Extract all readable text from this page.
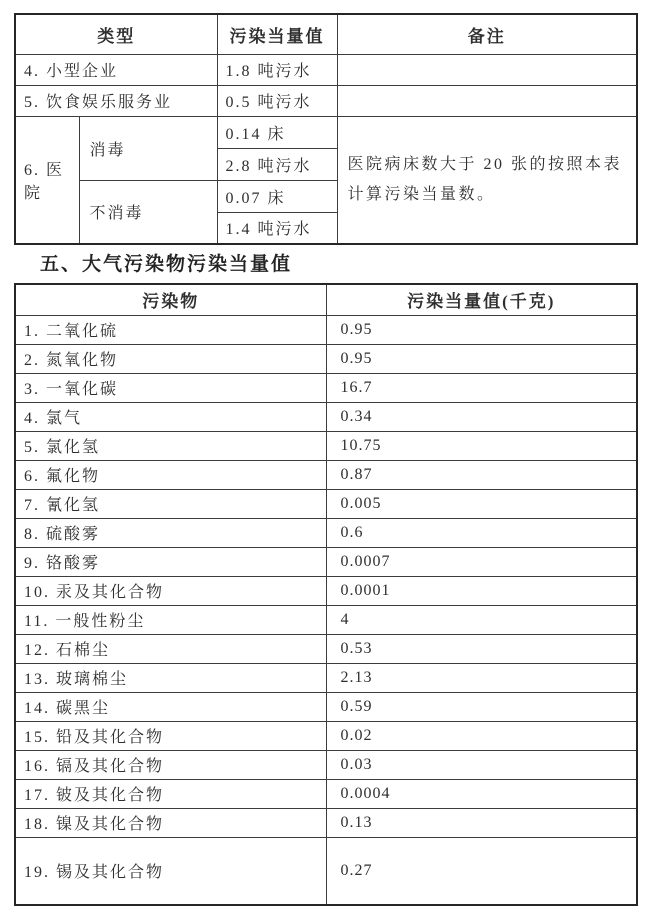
类型		污染当量值	备注
4. 小型企业		1.8 吨污水	
5. 饮食娱乐服务业		0.5 吨污水	
6. 医院	消毒	0.14 床	医院病床数大于 20 张的按照本表计算污染当量数。
		2.8 吨污水	
	不消毒	0.07 床	
		1.4 吨污水	
五、大气污染物污染当量值
污染物	污染当量值(千克)
1. 二氧化硫	0.95
2. 氮氧化物	0.95
3. 一氧化碳	16.7
4. 氯气	0.34
5. 氯化氢	10.75
6. 氟化物	0.87
7. 氰化氢	0.005
8. 硫酸雾	0.6
9. 铬酸雾	0.0007
10. 汞及其化合物	0.0001
11. 一般性粉尘	4
12. 石棉尘	0.53
13. 玻璃棉尘	2.13
14. 碳黑尘	0.59
15. 铅及其化合物	0.02
16. 镉及其化合物	0.03
17. 铍及其化合物	0.0004
18. 镍及其化合物	0.13
19. 锡及其化合物	0.27
